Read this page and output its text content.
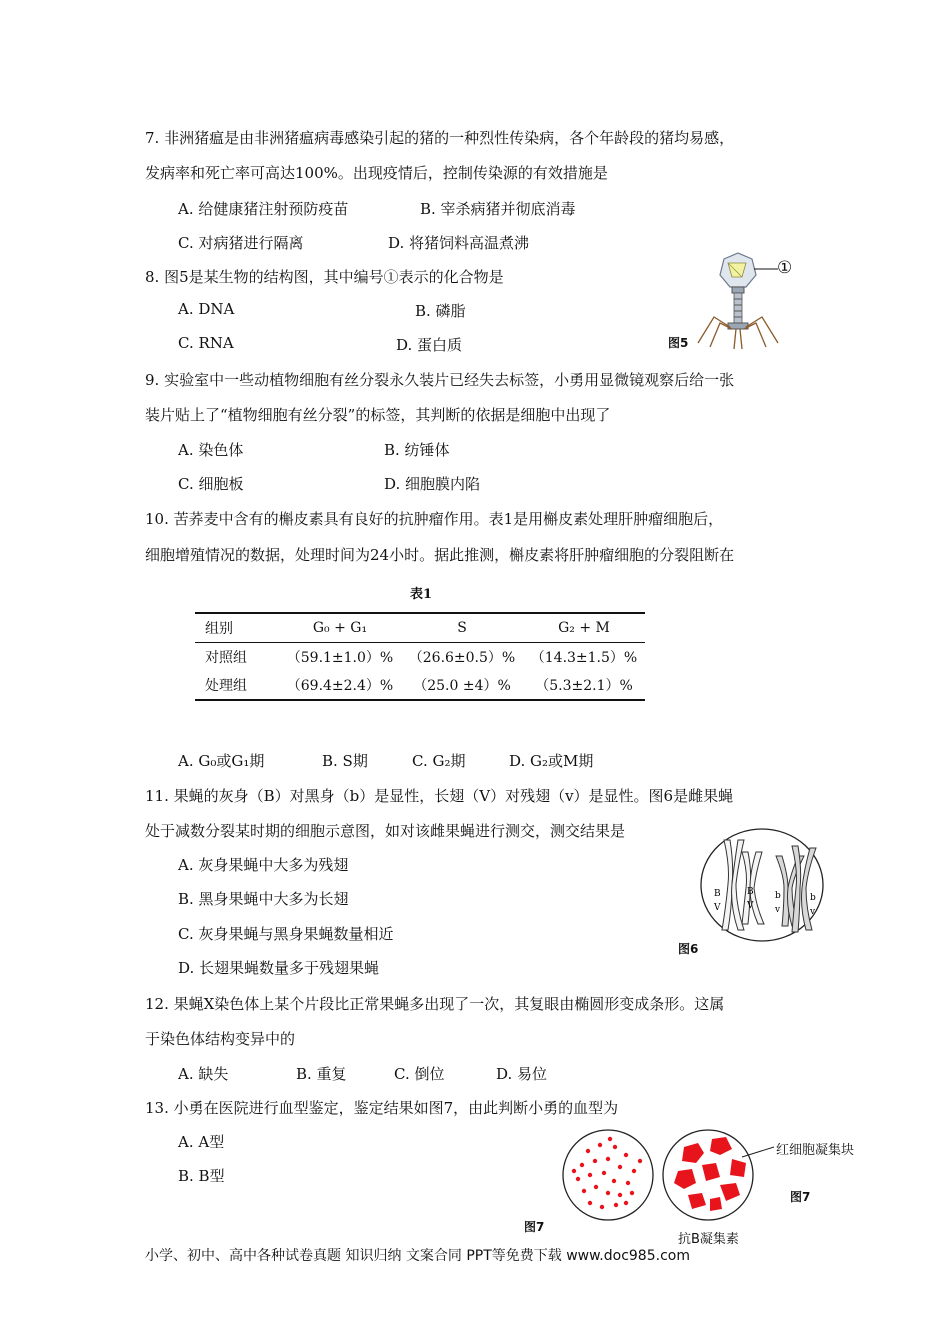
7. 非洲猪瘟是由非洲猪瘟病毒感染引起的猪的一种烈性传染病，各个年龄段的猪均易感，
发病率和死亡率可高达100%。出现疫情后，控制传染源的有效措施是
A. 给健康猪注射预防疫苗	B. 宰杀病猪并彻底消毒
C. 对病猪进行隔离	D. 将猪饲料高温煮沸
8. 图5是某生物的结构图，其中编号①表示的化合物是
A. DNA	B. 磷脂
C. RNA	D. 蛋白质
①
图5
9. 实验室中一些动植物细胞有丝分裂永久装片已经失去标签，小勇用显微镜观察后给一张
装片贴上了“植物细胞有丝分裂”的标签，其判断的依据是细胞中出现了
A. 染色体	B. 纺锤体
C. 细胞板	D. 细胞膜内陷
10. 苦荞麦中含有的槲皮素具有良好的抗肿瘤作用。表1是用槲皮素处理肝肿瘤细胞后，
细胞增殖情况的数据，处理时间为24小时。据此推测，槲皮素将肝肿瘤细胞的分裂阻断在
表1
组别	G₀ + G₁	S	G₂ + M
对照组	（59.1±1.0）%	（26.6±0.5）%	（14.3±1.5）%
处理组	（69.4±2.4）%	（25.0 ±4）%	（5.3±2.1）%
A. G₀或G₁期	B. S期	C. G₂期	D. G₂或M期
11. 果蝇的灰身（B）对黑身（b）是显性，长翅（V）对残翅（v）是显性。图6是雌果蝇
处于减数分裂某时期的细胞示意图，如对该雌果蝇进行测交，测交结果是
A. 灰身果蝇中大多为残翅
B. 黑身果蝇中大多为长翅
C. 灰身果蝇与黑身果蝇数量相近
D. 长翅果蝇数量多于残翅果蝇
B
V
B
V
b
v
b
v
图6
12. 果蝇X染色体上某个片段比正常果蝇多出现了一次，其复眼由椭圆形变成条形。这属
于染色体结构变异中的
A. 缺失	B. 重复	C. 倒位	D. 易位
13. 小勇在医院进行血型鉴定，鉴定结果如图7，由此判断小勇的血型为
A. A型
B. B型
红细胞凝集块
图7
图7
抗B凝集素
小学、初中、高中各种试卷真题 知识归纳 文案合同 PPT等免费下载 www.doc985.com
